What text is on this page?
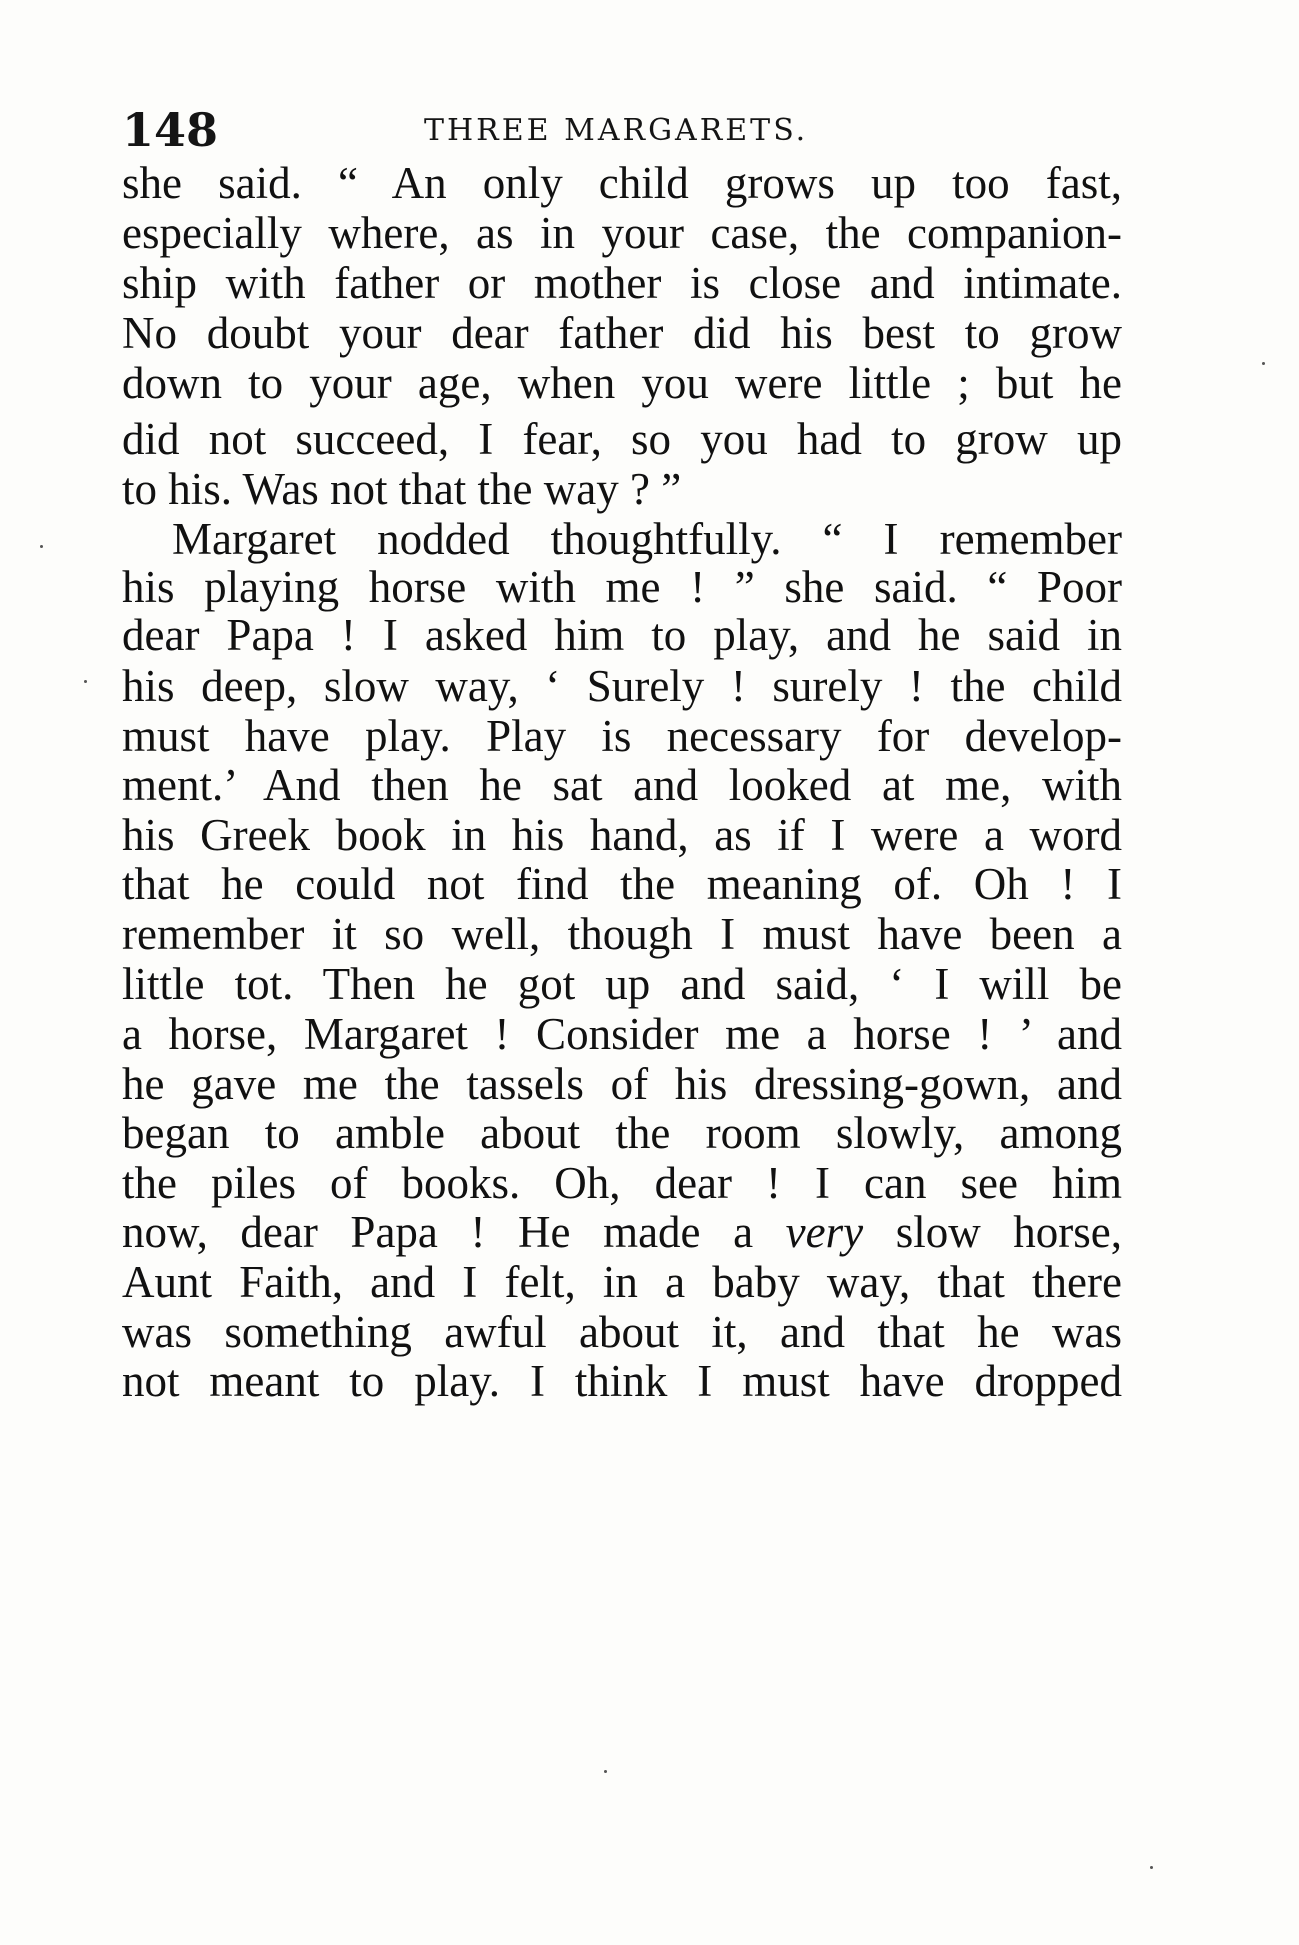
148	THREE MARGARETS.
she said. “ An only child grows up too fast,
especially where, as in your case, the companion-
ship with father or mother is close and intimate.
No doubt your dear father did his best to grow
down to your age, when you were little ; but he
did not succeed, I fear, so you had to grow up
to his. Was not that the way ? ”
Margaret nodded thoughtfully. “ I remember
his playing horse with me ! ” she said. “ Poor
dear Papa ! I asked him to play, and he said in
his deep, slow way, ‘ Surely ! surely ! the child
must have play. Play is necessary for develop-
ment.’ And then he sat and looked at me, with
his Greek book in his hand, as if I were a word
that he could not find the meaning of. Oh ! I
remember it so well, though I must have been a
little tot. Then he got up and said, ‘ I will be
a horse, Margaret ! Consider me a horse ! ’ and
he gave me the tassels of his dressing-gown, and
began to amble about the room slowly, among
the piles of books. Oh, dear ! I can see him
now, dear Papa ! He made a very slow horse,
Aunt Faith, and I felt, in a baby way, that there
was something awful about it, and that he was
not meant to play. I think I must have dropped
